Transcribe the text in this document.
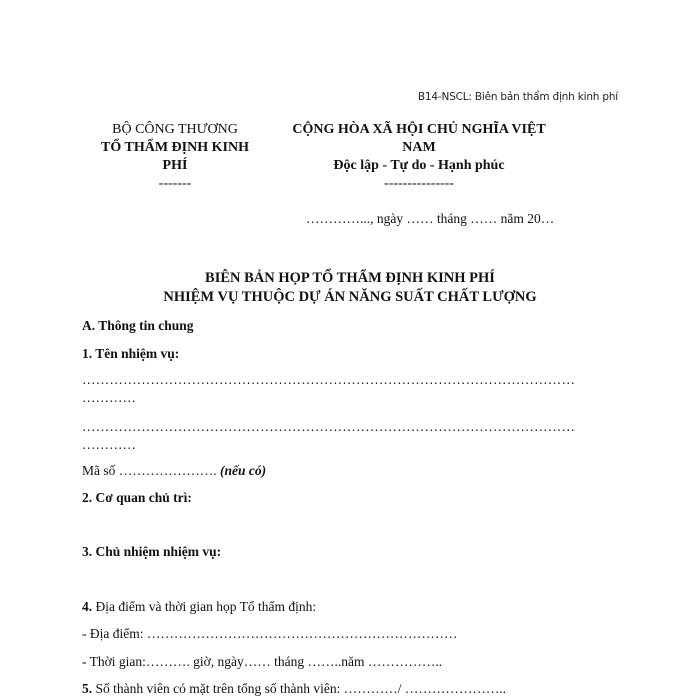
B14-NSCL: Biên bản thẩm định kinh phí
BỘ CÔNG THƯƠNG
TỔ THẨM ĐỊNH KINH
PHÍ
-------
CỘNG HÒA XÃ HỘI CHỦ NGHĨA VIỆT
NAM
Độc lập - Tự do - Hạnh phúc
---------------
…………..., ngày …… tháng …… năm 20…
BIÊN BẢN HỌP TỔ THẨM ĐỊNH KINH PHÍ
NHIỆM VỤ THUỘC DỰ ÁN NĂNG SUẤT CHẤT LƯỢNG
A. Thông tin chung
1. Tên nhiệm vụ:
………………………………………………………………………………………………
…………
………………………………………………………………………………………………
…………
Mã số …………………. (nếu có)
2. Cơ quan chủ trì:
3. Chủ nhiệm nhiệm vụ:
4. Địa điểm và thời gian họp Tổ thẩm định:
- Địa điểm: ……………………………………………………………
- Thời gian:………. giờ, ngày…… tháng ……..năm ……………..
5. Số thành viên có mặt trên tổng số thành viên: …………/ …………………..
